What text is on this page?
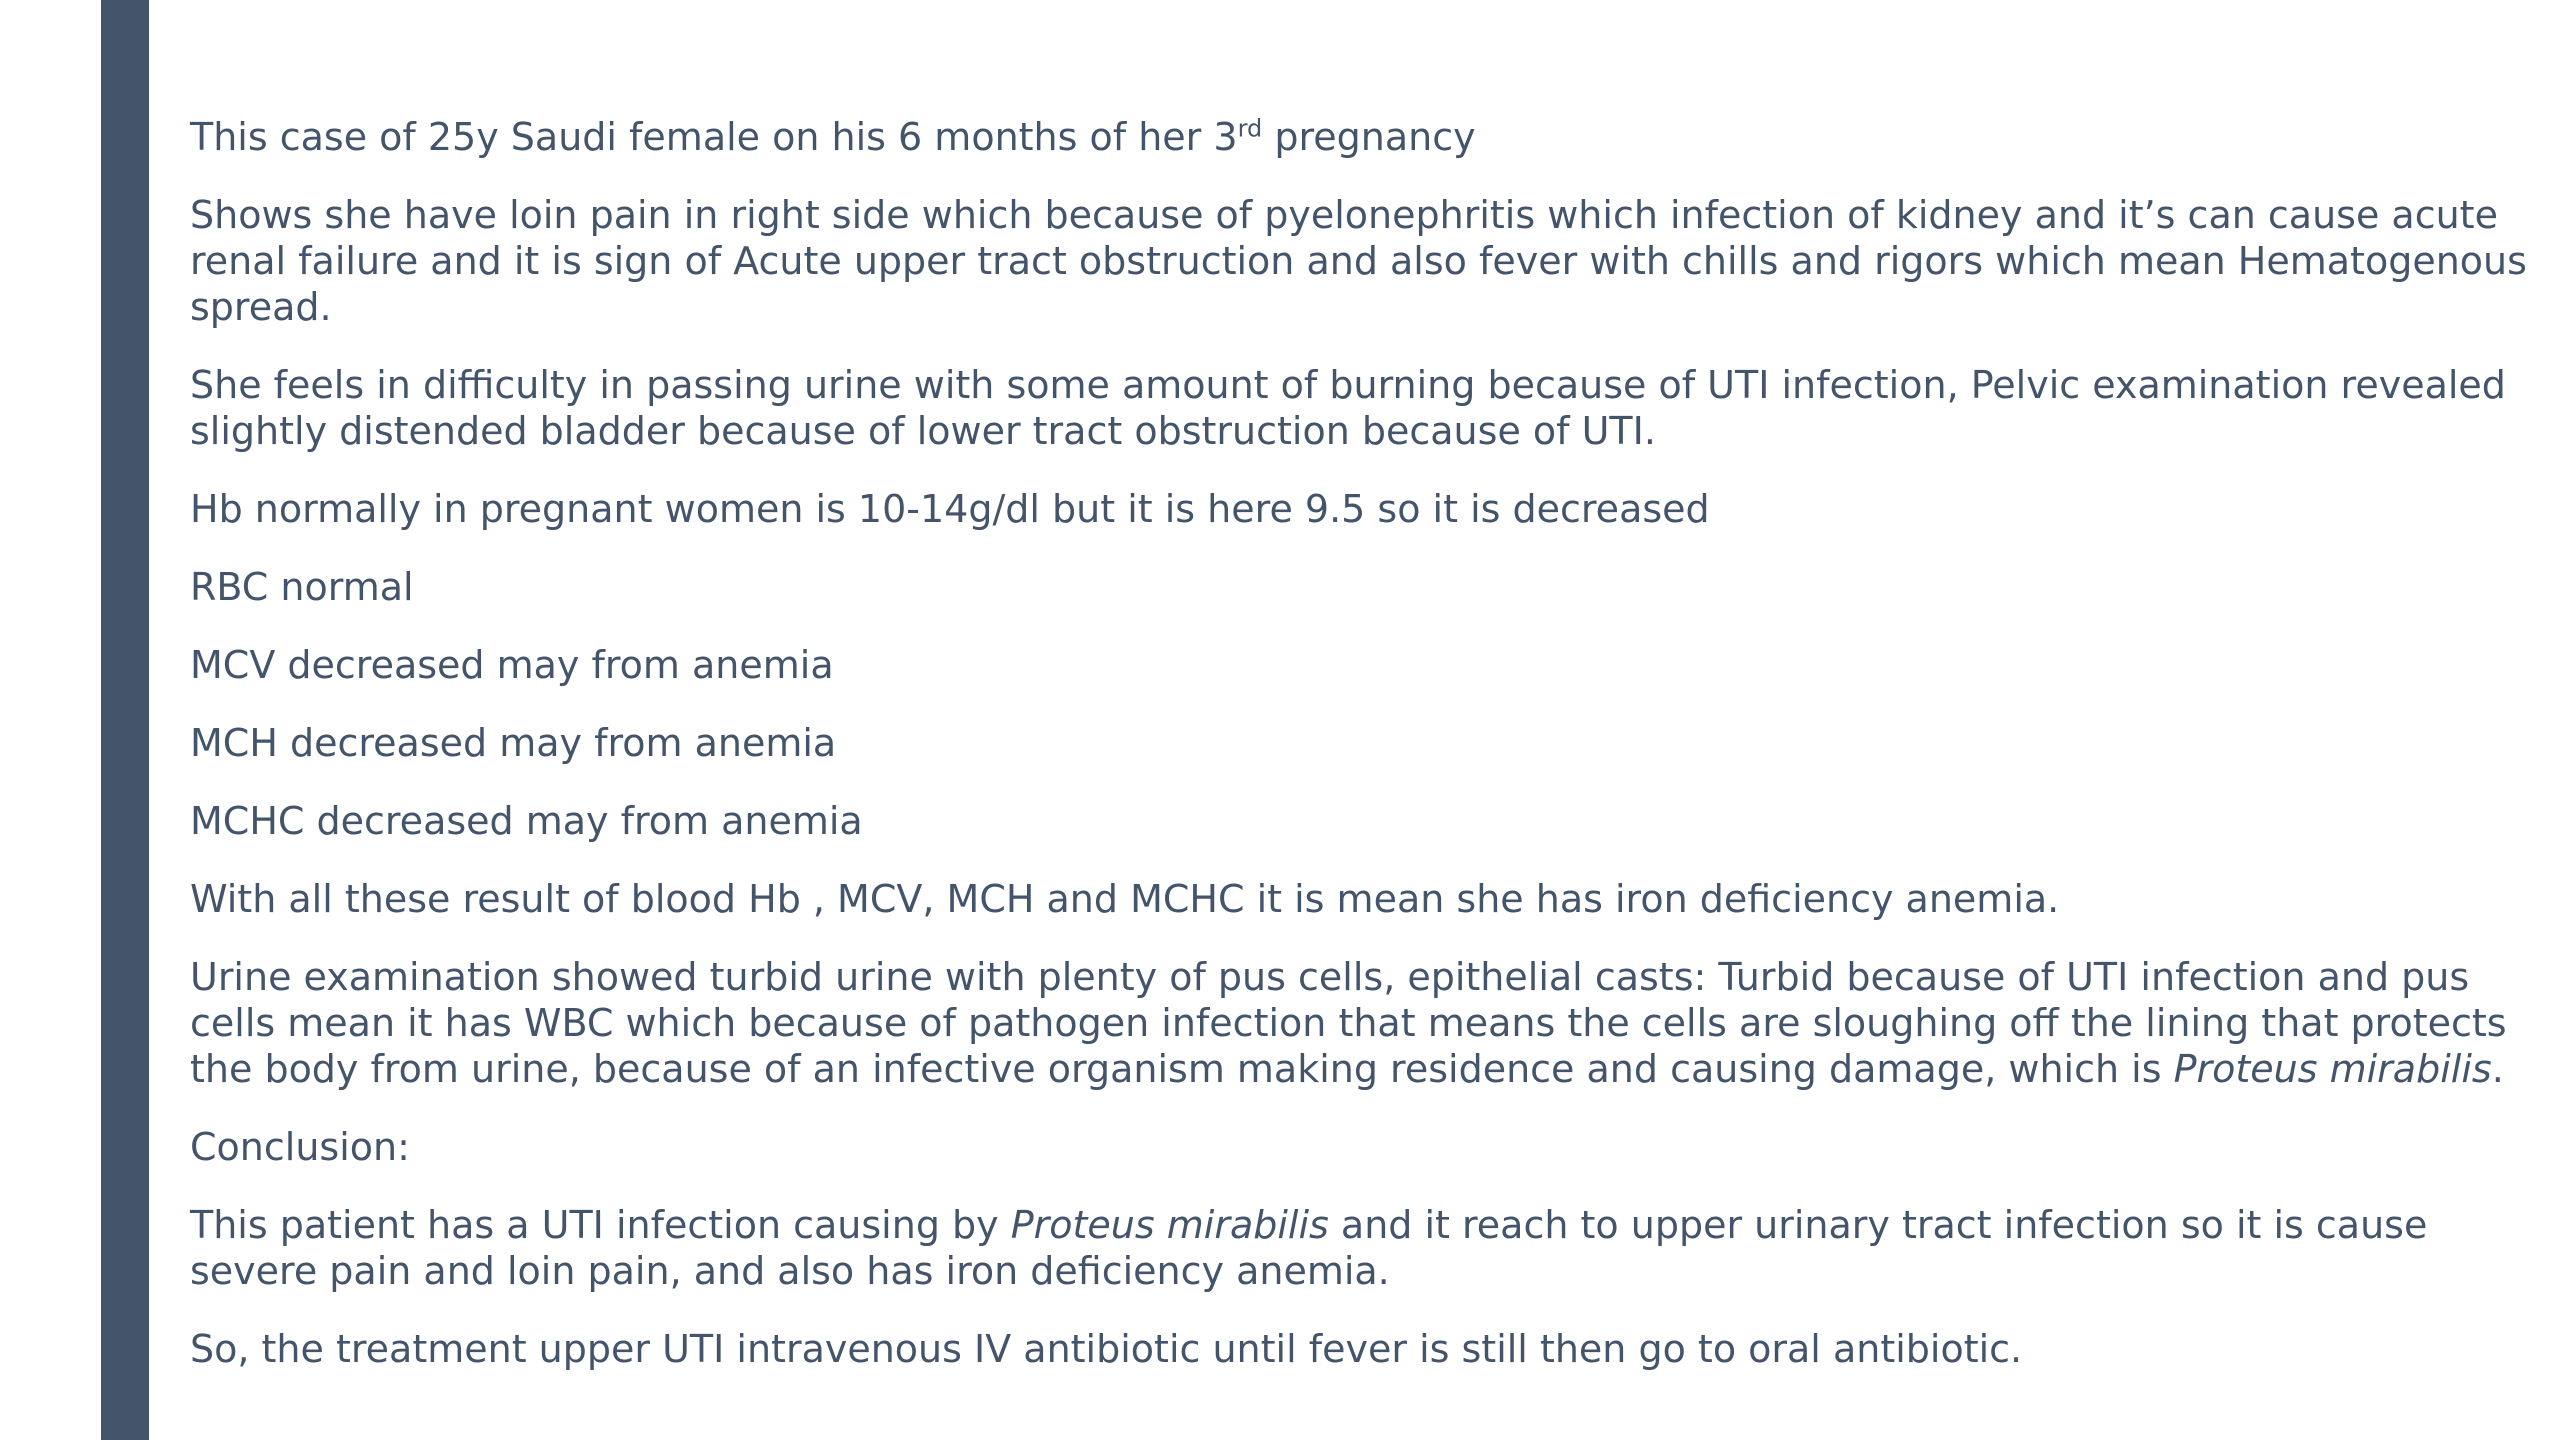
This case of 25y Saudi female on his 6 months of her 3rd pregnancy

Shows she have loin pain in right side which because of pyelonephritis which infection of kidney and it’s can cause acute renal failure and it is sign of Acute upper tract obstruction and also fever with chills and rigors which mean Hematogenous spread.

She feels in difficulty in passing urine with some amount of burning because of UTI infection, Pelvic examination revealed slightly distended bladder because of lower tract obstruction because of UTI.

Hb normally in pregnant women is 10-14g/dl but it is here 9.5 so it is decreased

RBC normal

MCV decreased may from anemia

MCH decreased may from anemia

MCHC decreased may from anemia

With all these result of blood Hb , MCV, MCH and MCHC it is mean she has iron deficiency anemia.

Urine examination showed turbid urine with plenty of pus cells, epithelial casts: Turbid because of UTI infection and pus cells mean it has WBC which because of pathogen infection that means the cells are sloughing off the lining that protects the body from urine, because of an infective organism making residence and causing damage, which is Proteus mirabilis.

Conclusion:

This patient has a UTI infection causing by Proteus mirabilis and it reach to upper urinary tract infection so it is cause severe pain and loin pain, and also has iron deficiency anemia.

So, the treatment upper UTI intravenous IV antibiotic until fever is still then go to oral antibiotic.
